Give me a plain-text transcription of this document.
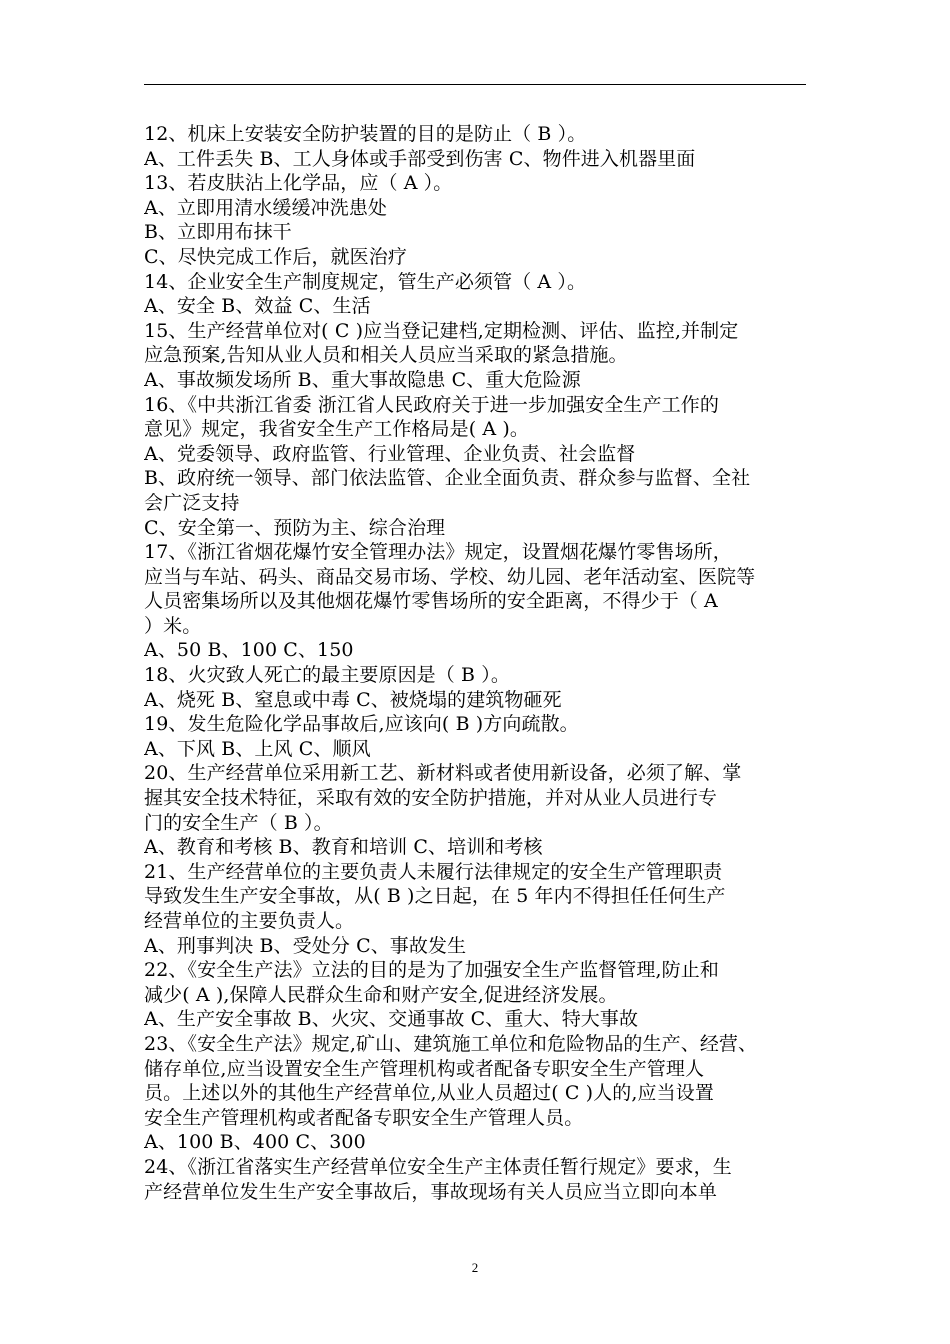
12、机床上安装安全防护装置的目的是防止（ B ）。
A、工件丢失 B、工人身体或手部受到伤害 C、物件进入机器里面
13、若皮肤沾上化学品，应（ A ）。
A、立即用清水缓缓冲洗患处
B、立即用布抹干
C、尽快完成工作后，就医治疗
14、企业安全生产制度规定，管生产必须管（ A ）。
A、安全 B、效益 C、生活
15、生产经营单位对( C )应当登记建档,定期检测、评估、监控,并制定
应急预案,告知从业人员和相关人员应当采取的紧急措施。
A、事故频发场所 B、重大事故隐患 C、重大危险源
16、《中共浙江省委 浙江省人民政府关于进一步加强安全生产工作的
意见》规定，我省安全生产工作格局是( A )。
A、党委领导、政府监管、行业管理、企业负责、社会监督
B、政府统一领导、部门依法监管、企业全面负责、群众参与监督、全社
会广泛支持
C、安全第一、预防为主、综合治理
17、《浙江省烟花爆竹安全管理办法》规定，设置烟花爆竹零售场所，
应当与车站、码头、商品交易市场、学校、幼儿园、老年活动室、医院等
人员密集场所以及其他烟花爆竹零售场所的安全距离，不得少于（ A
）米。
A、50 B、100 C、150
18、火灾致人死亡的最主要原因是（ B ）。
A、烧死 B、窒息或中毒 C、被烧塌的建筑物砸死
19、发生危险化学品事故后,应该向( B )方向疏散。
A、下风 B、上风 C、顺风
20、生产经营单位采用新工艺、新材料或者使用新设备，必须了解、掌
握其安全技术特征，采取有效的安全防护措施，并对从业人员进行专
门的安全生产（ B ）。
A、教育和考核 B、教育和培训 C、培训和考核
21、生产经营单位的主要负责人未履行法律规定的安全生产管理职责
导致发生生产安全事故，从( B )之日起，在 5 年内不得担任任何生产
经营单位的主要负责人。
A、刑事判决 B、受处分 C、事故发生
22、《安全生产法》立法的目的是为了加强安全生产监督管理,防止和
减少( A ),保障人民群众生命和财产安全,促进经济发展。
A、生产安全事故 B、火灾、交通事故 C、重大、特大事故
23、《安全生产法》规定,矿山、建筑施工单位和危险物品的生产、经营、
储存单位,应当设置安全生产管理机构或者配备专职安全生产管理人
员。上述以外的其他生产经营单位,从业人员超过( C )人的,应当设置
安全生产管理机构或者配备专职安全生产管理人员。
A、100 B、400 C、300
24、《浙江省落实生产经营单位安全生产主体责任暂行规定》要求，生
产经营单位发生生产安全事故后，事故现场有关人员应当立即向本单
2
